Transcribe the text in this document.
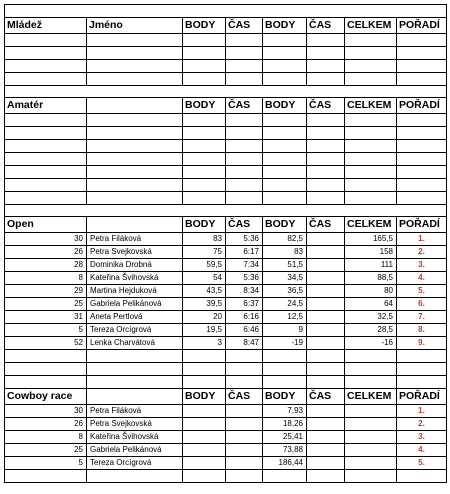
Mládež	Jméno	BODY	ČAS	BODY	ČAS	CELKEM	POŘADÍ

Amatér		BODY	ČAS	BODY	ČAS	CELKEM	POŘADÍ

Open		BODY	ČAS	BODY	ČAS	CELKEM	POŘADÍ
30	Petra Filáková	83	5:36	82,5		165,5	1.
26	Petra Svejkovská	75	6:17	83		158	2.
28	Dominika Drobná	59,5	7:34	51,5		111	3.
8	Kateřina Švihovská	54	5:36	34,5		88,5	4.
29	Martina Hejduková	43,5	8:34	36,5		80	5.
25	Gabriela Pelikánová	39,5	6:37	24,5		64	6.
31	Aneta Pertlová	20	6:16	12,5		32,5	7.
5	Tereza Orcígrová	19,5	6:46	9		28,5	8.
52	Lenka Charvátová	3	8:47	-19		-16	9.

Cowboy race		BODY	ČAS	BODY	ČAS	CELKEM	POŘADÍ
30	Petra Filáková			7,93			1.
26	Petra Svejkovská			18,26			2.
8	Kateřina Švihovská			25,41			3.
25	Gabriela Pelikánová			73,88			4.
5	Tereza Orcígrová			186,44			5.
